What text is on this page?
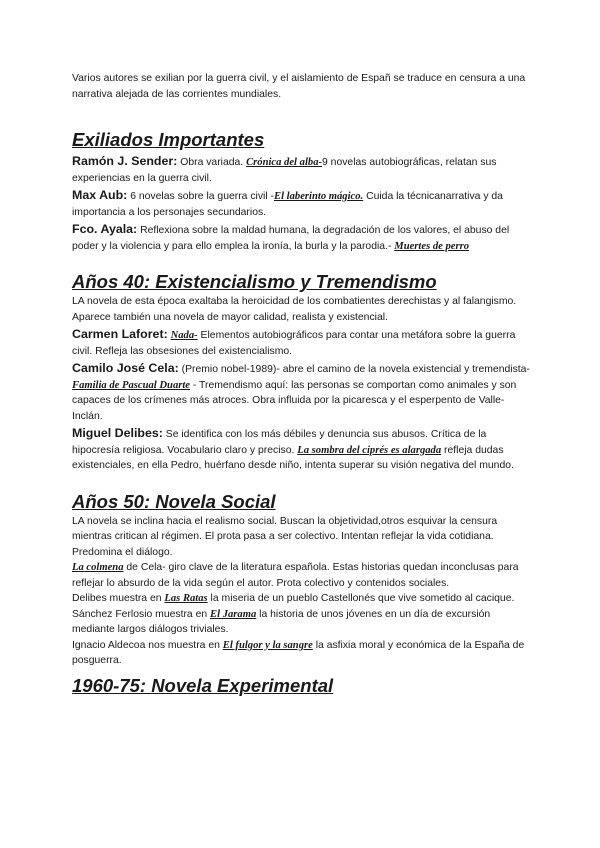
Varios autores se exilian por la guerra civil, y el aislamiento de Españ se traduce en censura a una narrativa alejada de las corrientes mundiales.

Exiliados Importantes

Ramón J. Sender: Obra variada. Crónica del alba-9 novelas autobiográficas, relatan sus experiencias en la guerra civil.

Max Aub: 6 novelas sobre la guerra civil -El laberinto mágico. Cuida la técnicanarrativa y da importancia a los personajes secundarios.

Fco. Ayala: Reflexiona sobre la maldad humana, la degradación de los valores, el abuso del poder y la violencia y para ello emplea la ironía, la burla y la parodia.- Muertes de perro

Años 40: Existencialismo y Tremendismo

LA novela de esta época exaltaba la heroicidad de los combatientes derechistas y al falangismo. Aparece también una novela de mayor calidad, realista y existencial.

Carmen Laforet: Nada- Elementos autobiográficos para contar una metáfora sobre la guerra civil. Refleja las obsesiones del existencialismo.

Camilo José Cela: (Premio nobel-1989)- abre el camino de la novela existencial y tremendista- Familia de Pascual Duarte - Tremendismo aquí: las personas se comportan como animales y son capaces de los crímenes más atroces. Obra influida por la picaresca y el esperpento de Valle-Inclán.

Miguel Delibes: Se identifica con los más débiles y denuncia sus abusos. Crítica de la hipocresía religiosa. Vocabulario claro y preciso. La sombra del ciprés es alargada refleja dudas existenciales, en ella Pedro, huérfano desde niño, intenta superar su visión negativa del mundo.

Años 50: Novela Social

LA novela se inclina hacia el realismo social. Buscan la objetividad,otros esquivar la censura mientras critican al régimen. El prota pasa a ser colectivo. Intentan reflejar la vida cotidiana. Predomina el diálogo.

La colmena de Cela- giro clave de la literatura española. Estas historias quedan inconclusas para reflejar lo absurdo de la vida según el autor. Prota colectivo y contenidos sociales.

Delibes muestra en Las Ratas la miseria de un pueblo Castellonés que vive sometido al cacique.

Sánchez Ferlosio muestra en El Jarama la historia de unos jóvenes en un día de excursión mediante largos diálogos triviales.

Ignacio Aldecoa nos muestra en El fulgor y la sangre la asfixia moral y económica de la España de posguerra.

1960-75: Novela Experimental
